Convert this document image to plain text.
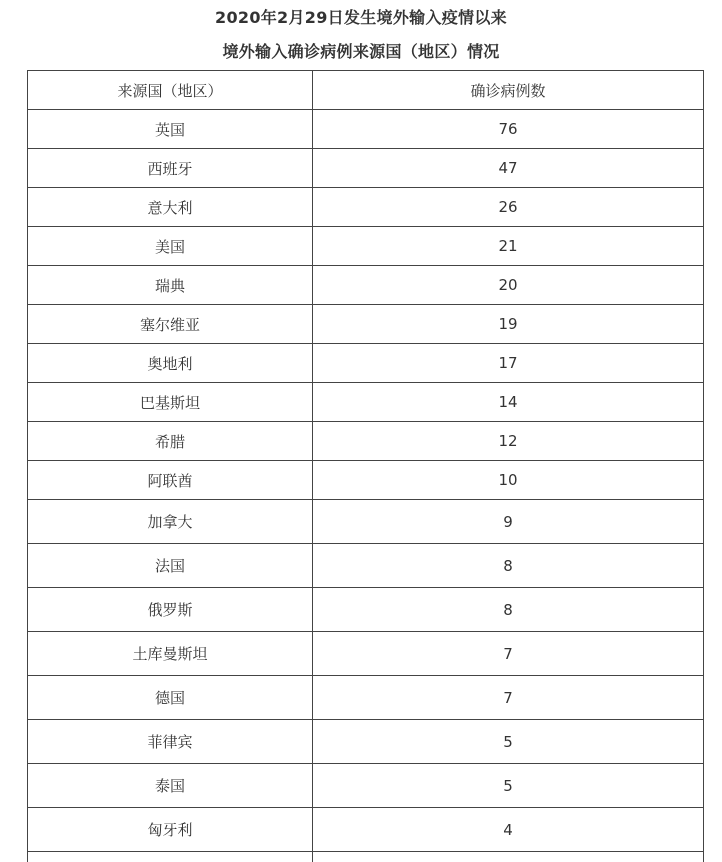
2020年2月29日发生境外输入疫情以来
境外输入确诊病例来源国（地区）情况
来源国（地区）	确诊病例数
英国	76
西班牙	47
意大利	26
美国	21
瑞典	20
塞尔维亚	19
奥地利	17
巴基斯坦	14
希腊	12
阿联酋	10
加拿大	9
法国	8
俄罗斯	8
土库曼斯坦	7
德国	7
菲律宾	5
泰国	5
匈牙利	4
